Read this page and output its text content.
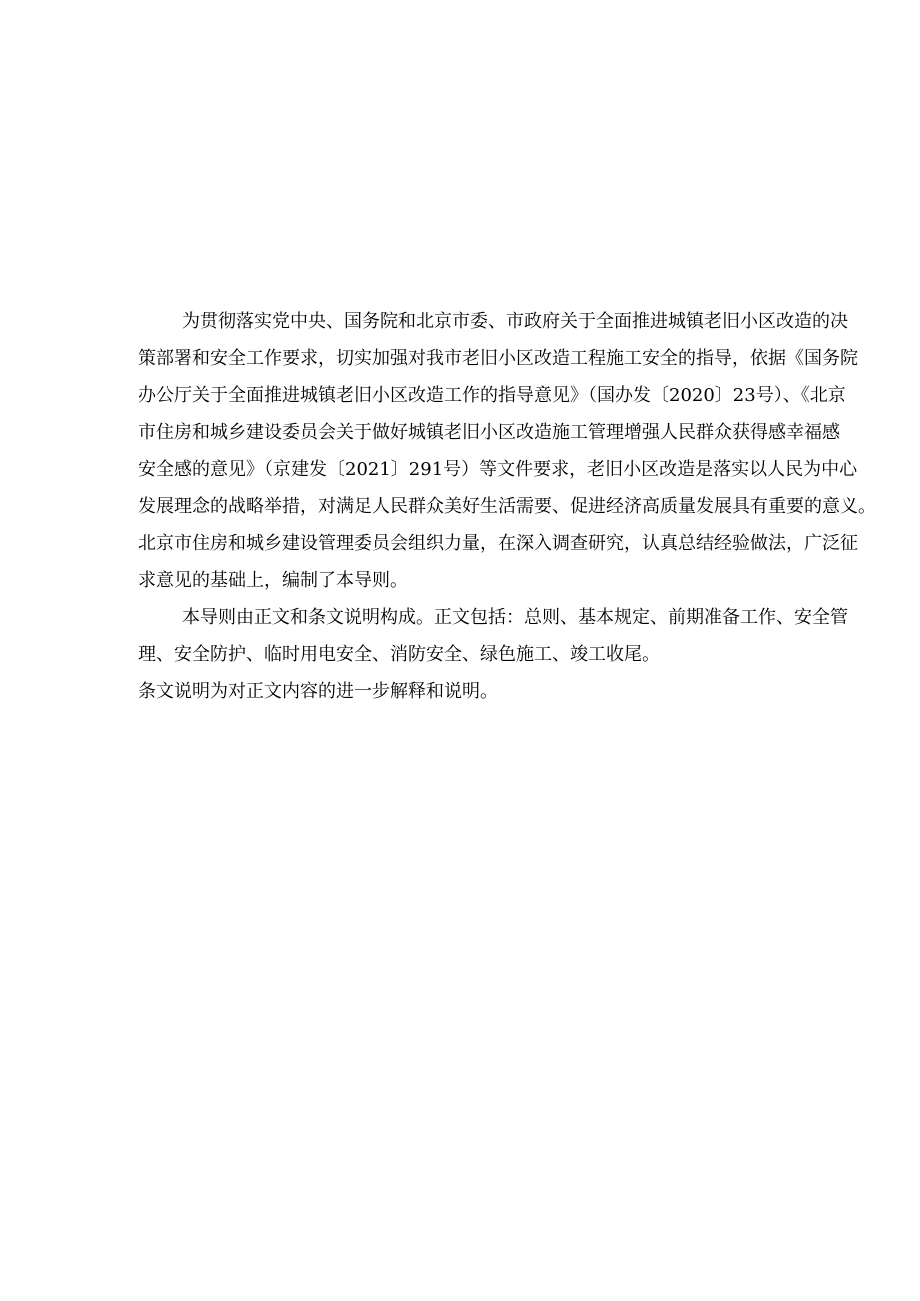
为贯彻落实党中央、国务院和北京市委、市政府关于全面推进城镇老旧小区改造的决
策部署和安全工作要求，切实加强对我市老旧小区改造工程施工安全的指导，依据《国务院
办公厅关于全面推进城镇老旧小区改造工作的指导意见》（国办发〔2020〕23号）、《北京
市住房和城乡建设委员会关于做好城镇老旧小区改造施工管理增强人民群众获得感幸福感
安全感的意见》（京建发〔2021〕291号）等文件要求，老旧小区改造是落实以人民为中心
发展理念的战略举措，对满足人民群众美好生活需要、促进经济高质量发展具有重要的意义。
北京市住房和城乡建设管理委员会组织力量，在深入调查研究，认真总结经验做法，广泛征
求意见的基础上，编制了本导则。
本导则由正文和条文说明构成。正文包括：总则、基本规定、前期准备工作、安全管
理、安全防护、临时用电安全、消防安全、绿色施工、竣工收尾。
条文说明为对正文内容的进一步解释和说明。
